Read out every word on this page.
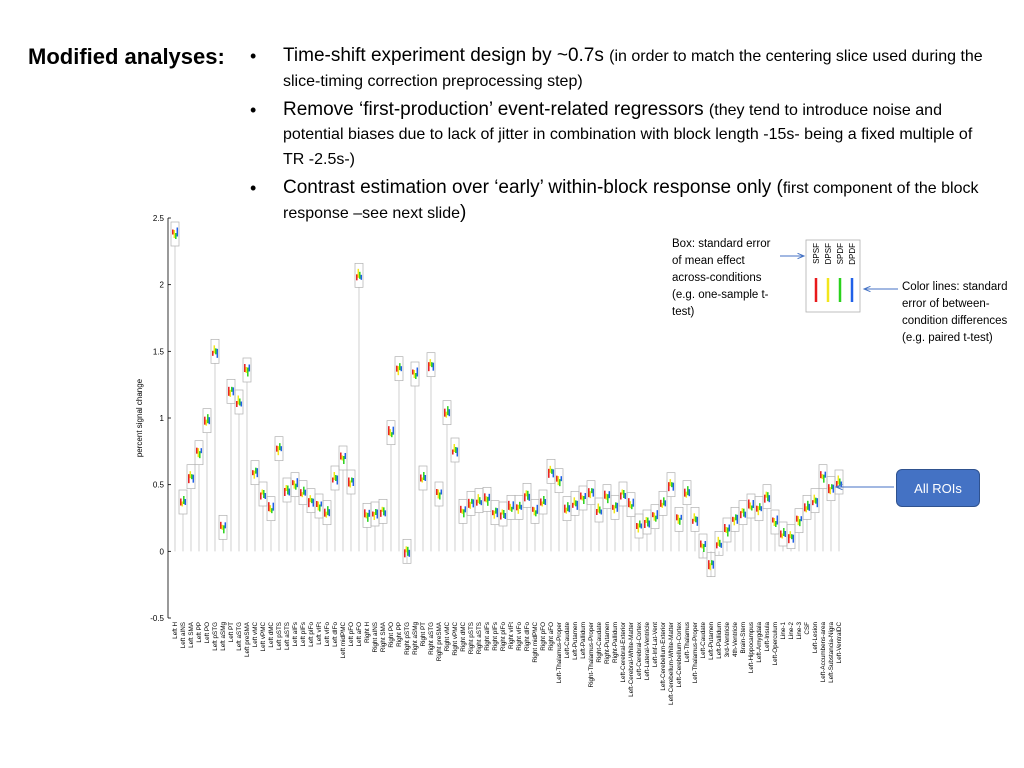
Modified analyses: • Time-shift experiment design by ~0.7s (in order to match the centering slice used during the slice-timing correction preprocessing step)
• Remove ‘first-production’ event-related regressors (they tend to introduce noise and potential biases due to lack of jitter in combination with block length -15s- being a fixed multiple of TR -2.5s-)
• Contrast estimation over ‘early’ within-block response only (first component of the block response –see next slide)
2.5
2
1.5
1
0.5
0
-0.5
percent signal change
Left H Left aINS Left SMA Left PP Left PO Left pSTG Left aSMg Left PT Left aSTG Left preSMA Left vMC Left vPMC Left dMC Left pSTS Left aSTS Left aIFs Left pIFs Left pIFo Left vIFt Left vIFo Left dIFo Left midPMC Left pFO Left aFO Right H Right aINS Right SMA Right PO Right PP Right pSTG Right aSMg Right PT Right aSTG Right preSMA Right vMC Right vPMC Right dMC Right pSTS Right aSTS Right aIFs Right pIFs Right pIFo Right vIFt Right vIFo Right dIFo Right midPMC Right pFO Right aFO Left-Thalamus-Proper Left-Caudate Left-Putamen Left-Pallidum Right-Thalamus-Proper Right-Caudate Right-Putamen Right-Pallidum Left-Cerebral-Exterior Left-Cerebral-White-Matter Left-Cerebral-Cortex Left-Lateral-Ventricle Left-Inf-Lat-Vent Left-Cerebellum-Exterior Left-Cerebellum-White-Matter Left-Cerebellum-Cortex Left-Thalamus Left-Thalamus-Proper Left-Caudate Left-Putamen Left-Pallidum 3rd-Ventricle 4th-Ventricle Brain-Stem Left-Hippocampus Left-Amygdala Left-Insula Left-Operculum Line-1 Line-2 Line-3 CSF Left-Lesion Left-Accumbens-area Left-Substancia-Nigra Left-VentralDC
SPSF DPSF SPDF DPDF
Box: standard error of mean effect across-conditions (e.g. one-sample t-test)
Color lines: standard error of between-condition differences (e.g. paired t-test)
All ROIs
